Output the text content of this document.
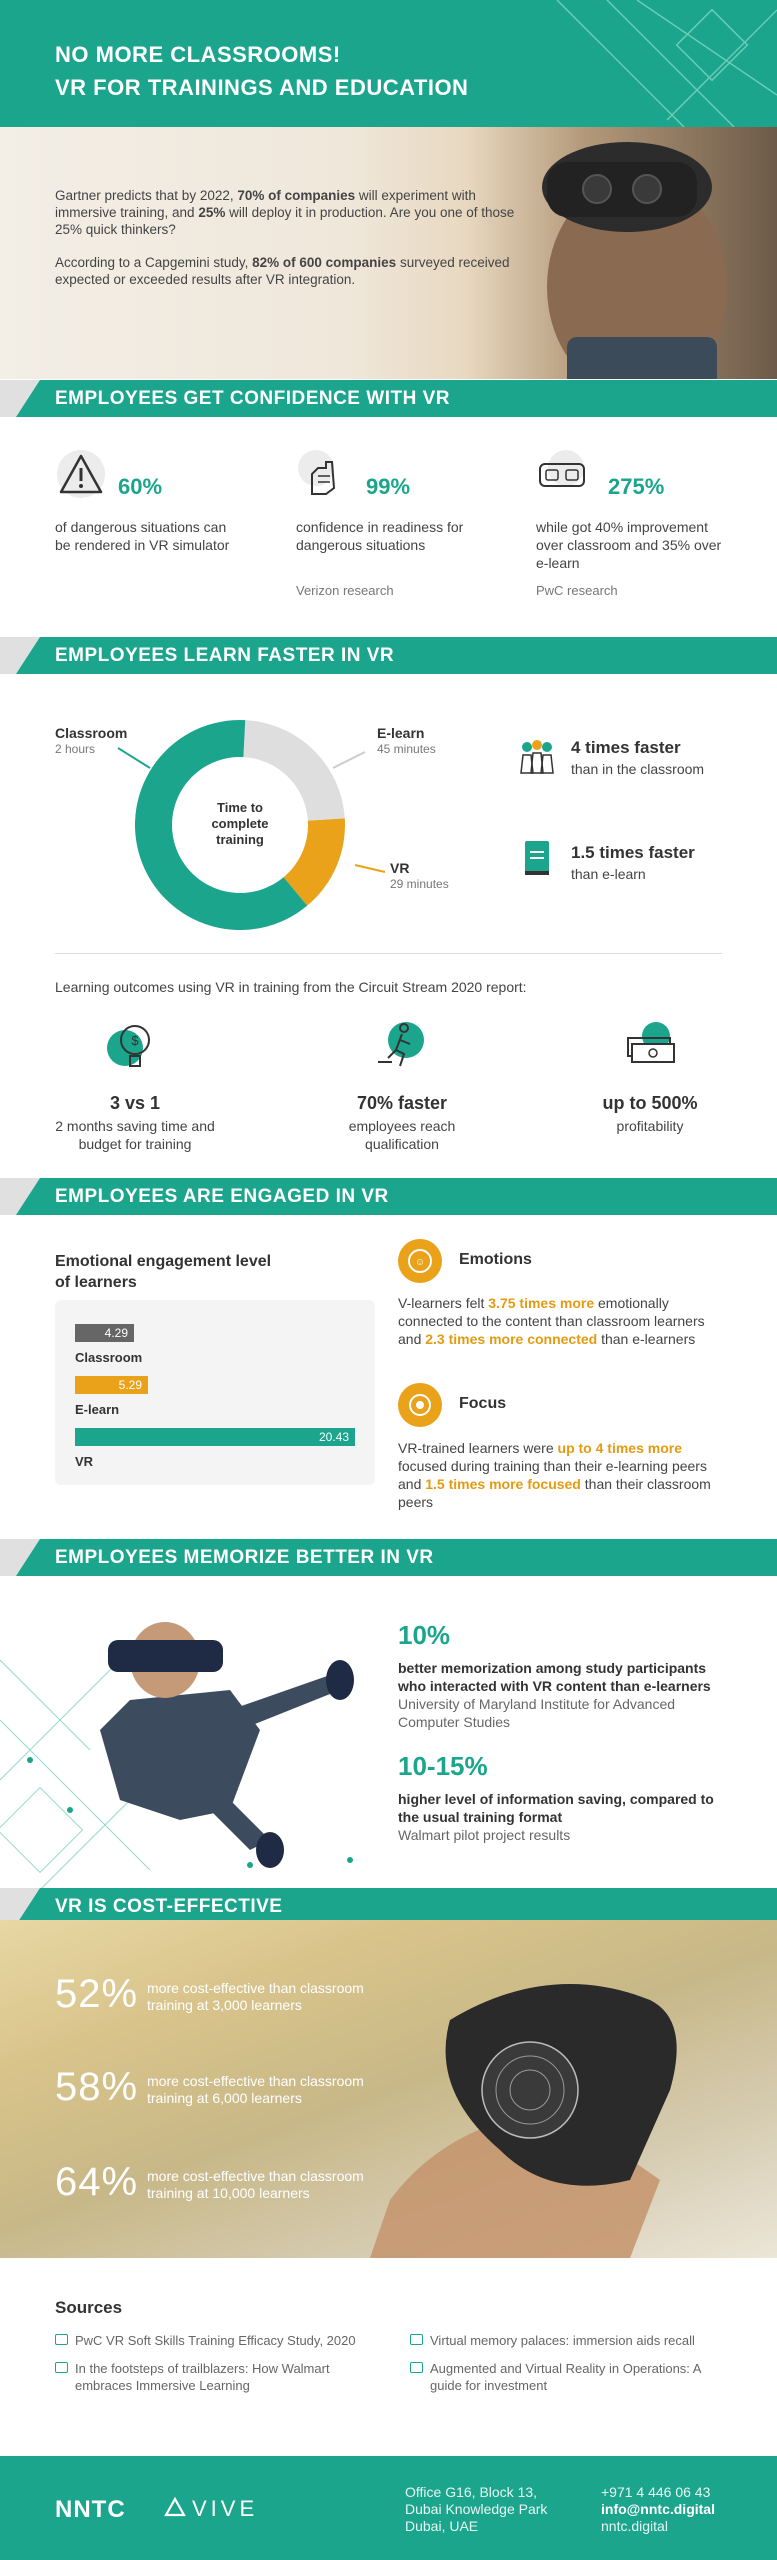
NO MORE CLASSROOMS!
VR FOR TRAININGS AND EDUCATION

Gartner predicts that by 2022, 70% of companies will experiment with immersive training, and 25% will deploy it in production. Are you one of those 25% quick thinkers?

According to a Capgemini study, 82% of 600 companies surveyed received expected or exceeded results after VR integration.

EMPLOYEES GET CONFIDENCE WITH VR
60%
of dangerous situations can be rendered in VR simulator
99%
confidence in readiness for dangerous situations
Verizon research
275%
while got 40% improvement over classroom and 35% over e-learn
PwC research
EMPLOYEES LEARN FASTER IN VR
Time to
complete
training
Classroom
2 hours
E-learn
45 minutes
VR
29 minutes
4 times faster
than in the classroom
1.5 times faster
than e-learn
Learning outcomes using VR in training from the Circuit Stream 2020 report:
$
3 vs 1
2 months saving time and budget for training
70% faster
employees reach qualification
up to 500%
profitability
EMPLOYEES ARE ENGAGED IN VR
Emotional engagement level of learners
4.29
Classroom
5.29
E-learn
20.43
VR
☺ Emotions
V-learners felt 3.75 times more emotionally connected to the content than classroom learners and 2.3 times more connected than e-learners
Focus
VR-trained learners were up to 4 times more focused during training than their e-learning peers and 1.5 times more focused than their classroom peers
EMPLOYEES MEMORIZE BETTER IN VR
10%
better memorization among study participants who interacted with VR content than e-learners
University of Maryland Institute for Advanced Computer Studies
10-15%
higher level of information saving, compared to the usual training format
Walmart pilot project results
VR IS COST-EFFECTIVE
52% more cost-effective than classroom training at 3,000 learners
58% more cost-effective than classroom training at 6,000 learners
64% more cost-effective than classroom training at 10,000 learners
Sources
PwC VR Soft Skills Training Efficacy Study, 2020
In the footsteps of trailblazers: How Walmart embraces Immersive Learning
Virtual memory palaces: immersion aids recall
Augmented and Virtual Reality in Operations: A guide for investment
NNTC	VIVE
Office G16, Block 13,
Dubai Knowledge Park
Dubai, UAE
+971 4 446 06 43
info@nntc.digital
nntc.digital
